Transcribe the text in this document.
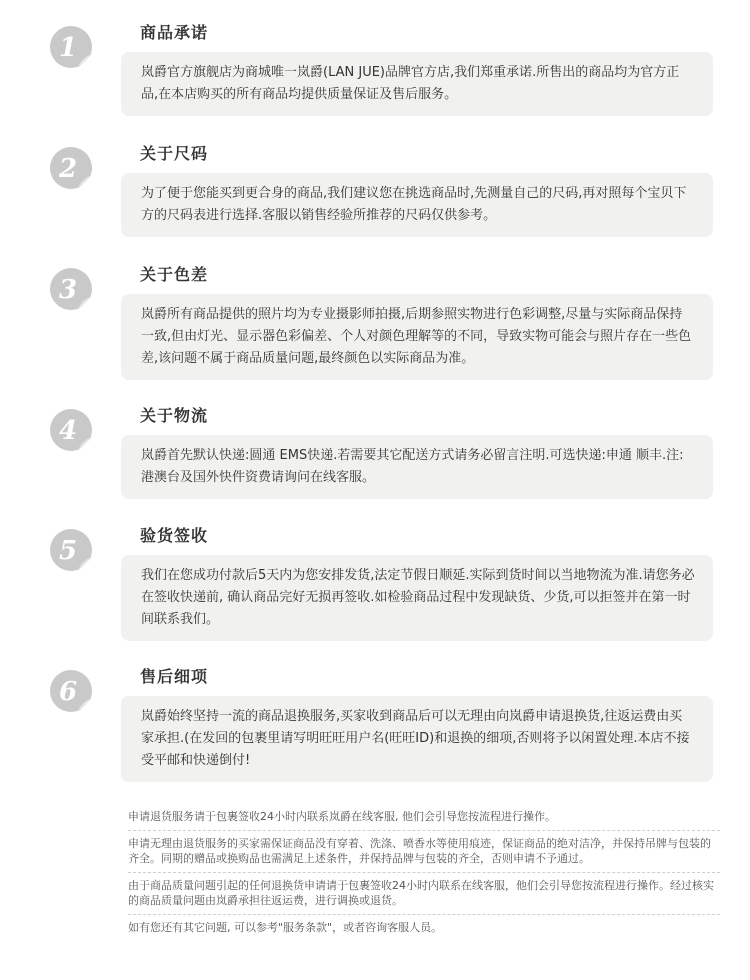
1
商品承诺
岚爵官方旗舰店为商城唯一岚爵(LAN JUE)品牌官方店,我们郑重承诺.所售出的商品均为官方正品,在本店购买的所有商品均提供质量保证及售后服务。
2
关于尺码
为了便于您能买到更合身的商品,我们建议您在挑选商品时,先测量自己的尺码,再对照每个宝贝下方的尺码表进行选择.客服以销售经验所推荐的尺码仅供参考。
3
关于色差
岚爵所有商品提供的照片均为专业摄影师拍摄,后期参照实物进行色彩调整,尽量与实际商品保持一致,但由灯光、显示器色彩偏差、个人对颜色理解等的不同，导致实物可能会与照片存在一些色差,该问题不属于商品质量问题,最终颜色以实际商品为准。
4
关于物流
岚爵首先默认快递:圆通 EMS快递.若需要其它配送方式请务必留言注明.可选快递:申通 顺丰.注:港澳台及国外快件资费请询问在线客服。
5
验货签收
我们在您成功付款后5天内为您安排发货,法定节假日顺延.实际到货时间以当地物流为准.请您务必在签收快递前, 确认商品完好无损再签收.如检验商品过程中发现缺货、少货,可以拒签并在第一时间联系我们。
6
售后细项
岚爵始终坚持一流的商品退换服务,买家收到商品后可以无理由向岚爵申请退换货,往返运费由买家承担.(在发回的包裹里请写明旺旺用户名(旺旺ID)和退换的细项,否则将予以闲置处理.本店不接受平邮和快递倒付!
申请退货服务请于包裹签收24小时内联系岚爵在线客服, 他们会引导您按流程进行操作。
申请无理由退货服务的买家需保证商品没有穿着、洗涤、喷香水等使用痕迹，保证商品的绝对洁净，并保持吊牌与包装的齐全。同期的赠品或换购品也需满足上述条件，并保持品牌与包装的齐全，否则申请不予通过。
由于商品质量问题引起的任何退换货申请请于包裹签收24小时内联系在线客服，他们会引导您按流程进行操作。经过核实的商品质量问题由岚爵承担往返运费，进行调换或退货。
如有您还有其它问题, 可以参考"服务条款"，或者咨询客服人员。
